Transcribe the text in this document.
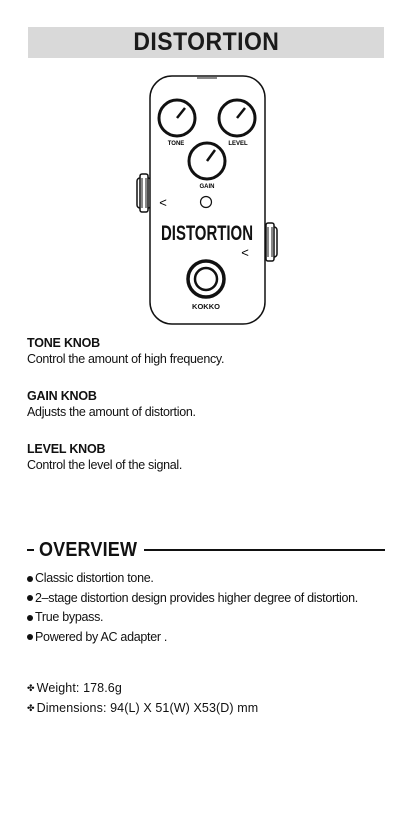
DISTORTION
TONE	LEVEL
GAIN
<
<
DISTORTION
KOKKO
TONE KNOB
Control the amount of high frequency.
GAIN KNOB
Adjusts the amount of distortion.
LEVEL KNOB
Control the level of the signal.
OVERVIEW
Classic distortion tone.
2–stage distortion design provides higher degree of distortion.
True bypass.
Powered by AC adapter .
✤ Weight: 178.6g
✤ Dimensions: 94(L) X 51(W) X53(D) mm
